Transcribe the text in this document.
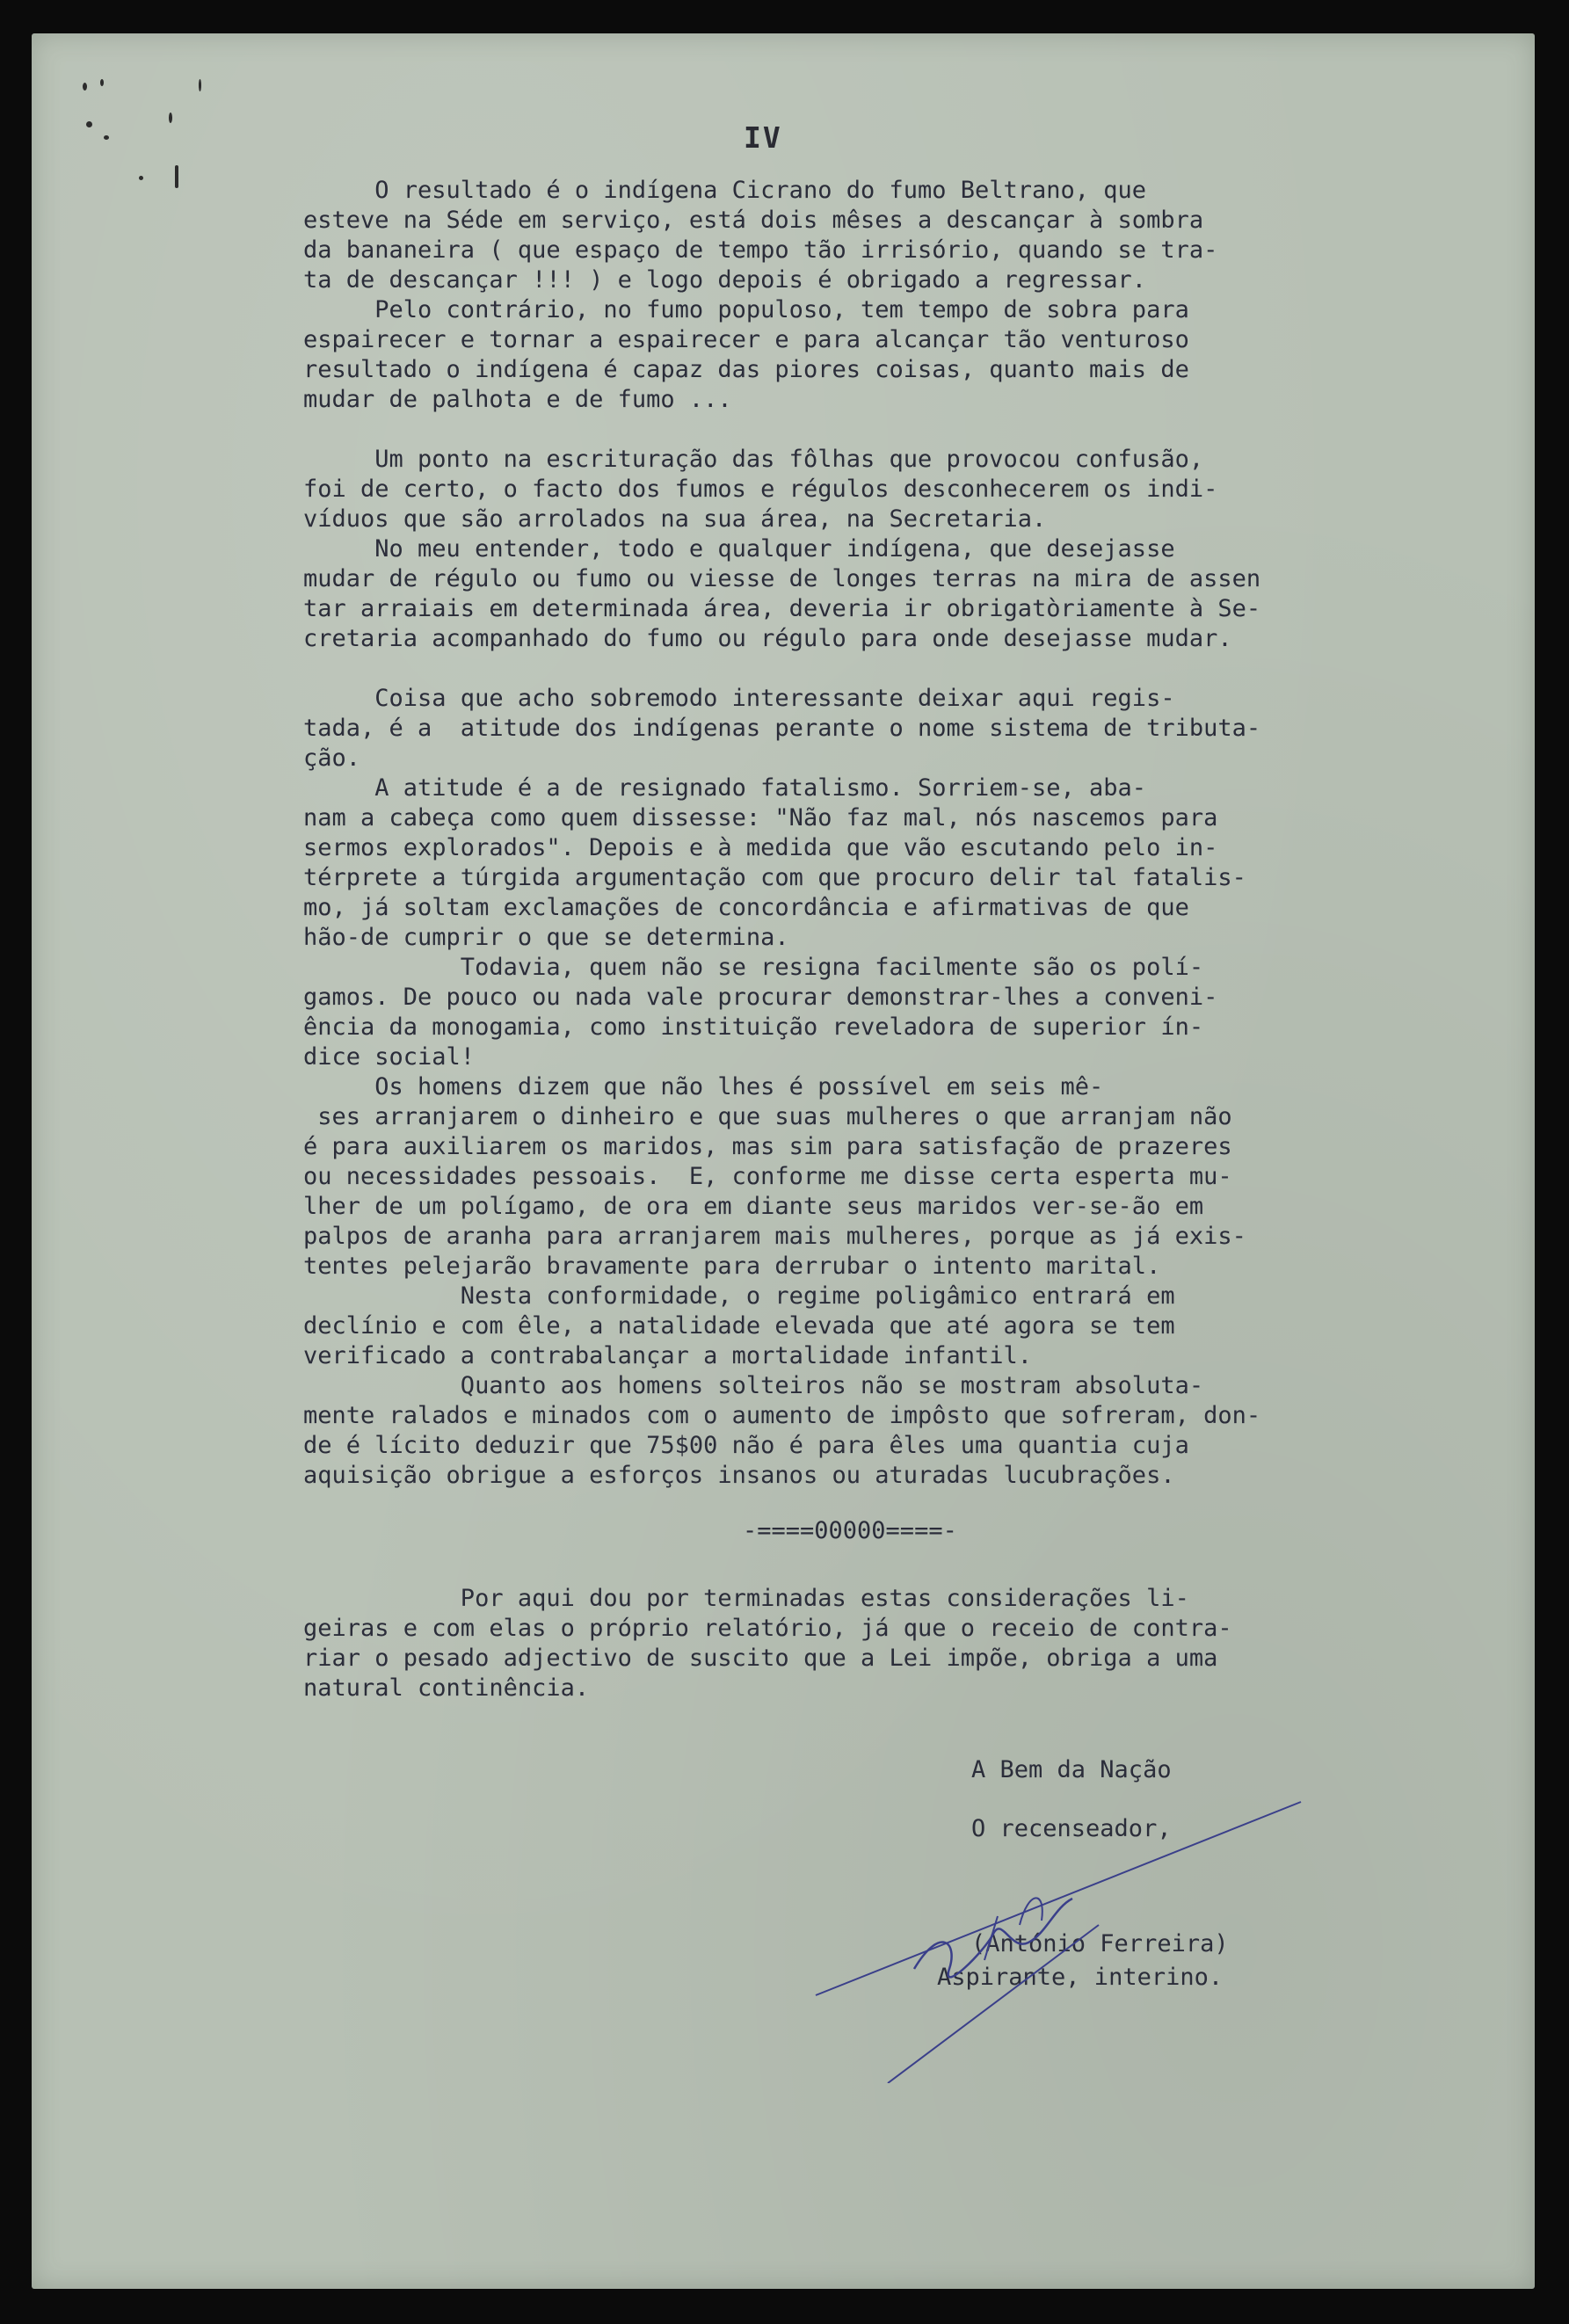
IV
O resultado é o indígena Cicrano do fumo Beltrano, que
esteve na Séde em serviço, está dois mêses a descançar à sombra
da bananeira ( que espaço de tempo tão irrisório, quando se tra-
ta de descançar !!! ) e logo depois é obrigado a regressar.
Pelo contrário, no fumo populoso, tem tempo de sobra para
espairecer e tornar a espairecer e para alcançar tão venturoso
resultado o indígena é capaz das piores coisas, quanto mais de
mudar de palhota e de fumo ...
Um ponto na escrituração das fôlhas que provocou confusão,
foi de certo, o facto dos fumos e régulos desconhecerem os indi-
víduos que são arrolados na sua área, na Secretaria.
No meu entender, todo e qualquer indígena, que desejasse
mudar de régulo ou fumo ou viesse de longes terras na mira de assen
tar arraiais em determinada área, deveria ir obrigatòriamente à Se-
cretaria acompanhado do fumo ou régulo para onde desejasse mudar.
Coisa que acho sobremodo interessante deixar aqui regis-
tada, é a  atitude dos indígenas perante o nome sistema de tributa-
ção.
A atitude é a de resignado fatalismo. Sorriem-se, aba-
nam a cabeça como quem dissesse: "Não faz mal, nós nascemos para
sermos explorados". Depois e à medida que vão escutando pelo in-
térprete a túrgida argumentação com que procuro delir tal fatalis-
mo, já soltam exclamações de concordância e afirmativas de que
hão-de cumprir o que se determina.
Todavia, quem não se resigna facilmente são os polí-
gamos. De pouco ou nada vale procurar demonstrar-lhes a conveni-
ência da monogamia, como instituição reveladora de superior ín-
dice social!
Os homens dizem que não lhes é possível em seis mê-
ses arranjarem o dinheiro e que suas mulheres o que arranjam não
é para auxiliarem os maridos, mas sim para satisfação de prazeres
ou necessidades pessoais.  E, conforme me disse certa esperta mu-
lher de um polígamo, de ora em diante seus maridos ver-se-ão em
palpos de aranha para arranjarem mais mulheres, porque as já exis-
tentes pelejarão bravamente para derrubar o intento marital.
Nesta conformidade, o regime poligâmico entrará em
declínio e com êle, a natalidade elevada que até agora se tem
verificado a contrabalançar a mortalidade infantil.
Quanto aos homens solteiros não se mostram absoluta-
mente ralados e minados com o aumento de impôsto que sofreram, don-
de é lícito deduzir que 75$00 não é para êles uma quantia cuja
aquisição obrigue a esforços insanos ou aturadas lucubrações.
-====00000====-
Por aqui dou por terminadas estas considerações li-
geiras e com elas o próprio relatório, já que o receio de contra-
riar o pesado adjectivo de suscito que a Lei impõe, obriga a uma
natural continência.
A Bem da Nação
O recenseador,
(António Ferreira)
Aspirante, interino.
